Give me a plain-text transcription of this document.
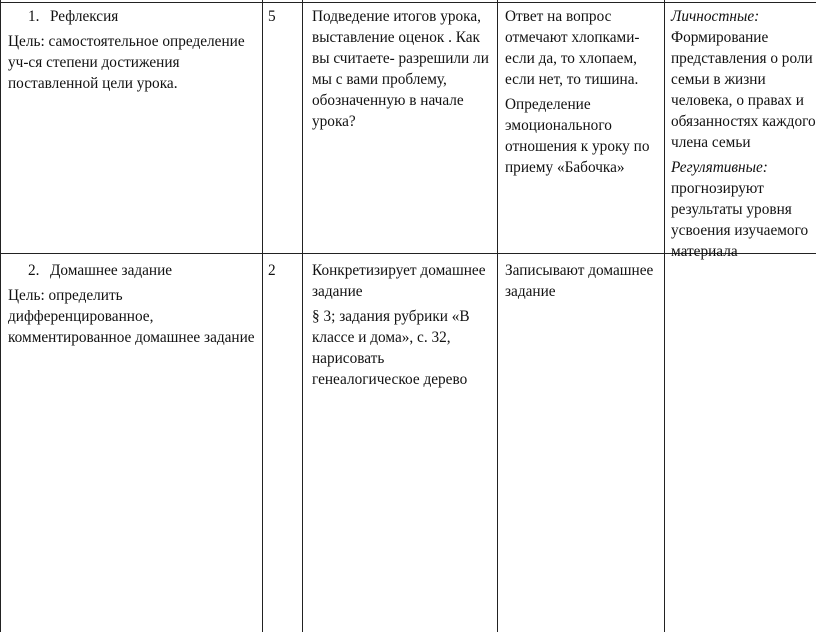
1. Рефлексия

Цель: самостоятельное определение уч-ся степени достижения поставленной цели урока.

5	Подведение итогов урока, выставление оценок . Как вы считаете- разрешили ли мы с вами проблему, обозначенную в начале урока?

Ответ на вопрос отмечают хлопками- если да, то хлопаем, если нет, то тишина.

Определение эмоционального отношения к уроку по приему «Бабочка»

Личностные:

Формирование представления о роли семьи в жизни человека, о правах и обязанностях каждого члена семьи

Регулятивные:

прогнозируют результаты уровня усвоения изучаемого материала

2. Домашнее задание

Цель: определить дифференцированное, комментированное домашнее задание

2	Конкретизирует домашнее задание

§ 3; задания рубрики «В классе и дома», с. 32, нарисовать генеалогическое дерево

Записывают домашнее задание
